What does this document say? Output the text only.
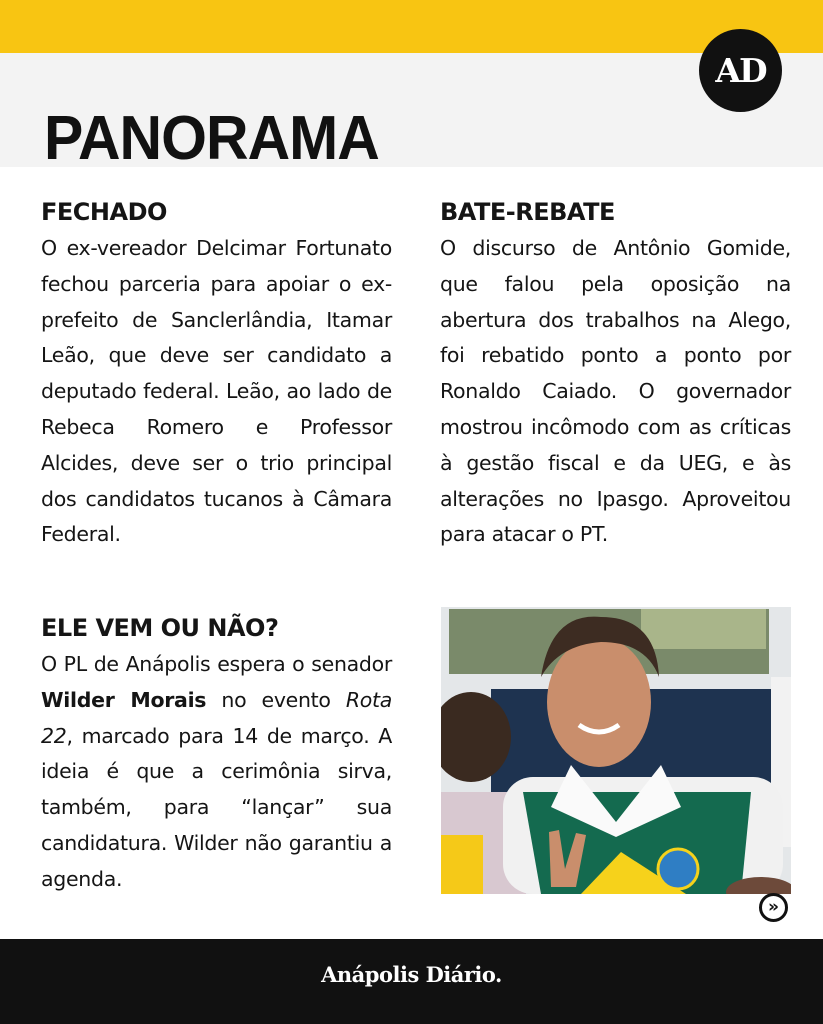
AD
PANORAMA
FECHADO

O ex-vereador Delcimar Fortunato fechou parceria para apoiar o ex-prefeito de Sanclerlândia, Itamar Leão, que deve ser candidato a deputado federal. Leão, ao lado de Rebeca Romero e Professor Alcides, deve ser o trio principal dos candidatos tucanos à Câmara Federal.

ELE VEM OU NÃO?

O PL de Anápolis espera o senador Wilder Morais no evento Rota 22, marcado para 14 de março. A ideia é que a cerimônia sirva, também, para “lançar” sua candidatura. Wilder não garantiu a agenda.

BATE-REBATE

O discurso de Antônio Gomide, que falou pela oposição na abertura dos trabalhos na Alego, foi rebatido ponto a ponto por Ronaldo Caiado. O governador mostrou incômodo com as críticas à gestão fiscal e da UEG, e às alterações no Ipasgo. Aproveitou para atacar o PT.

»
Anápolis Diário.
